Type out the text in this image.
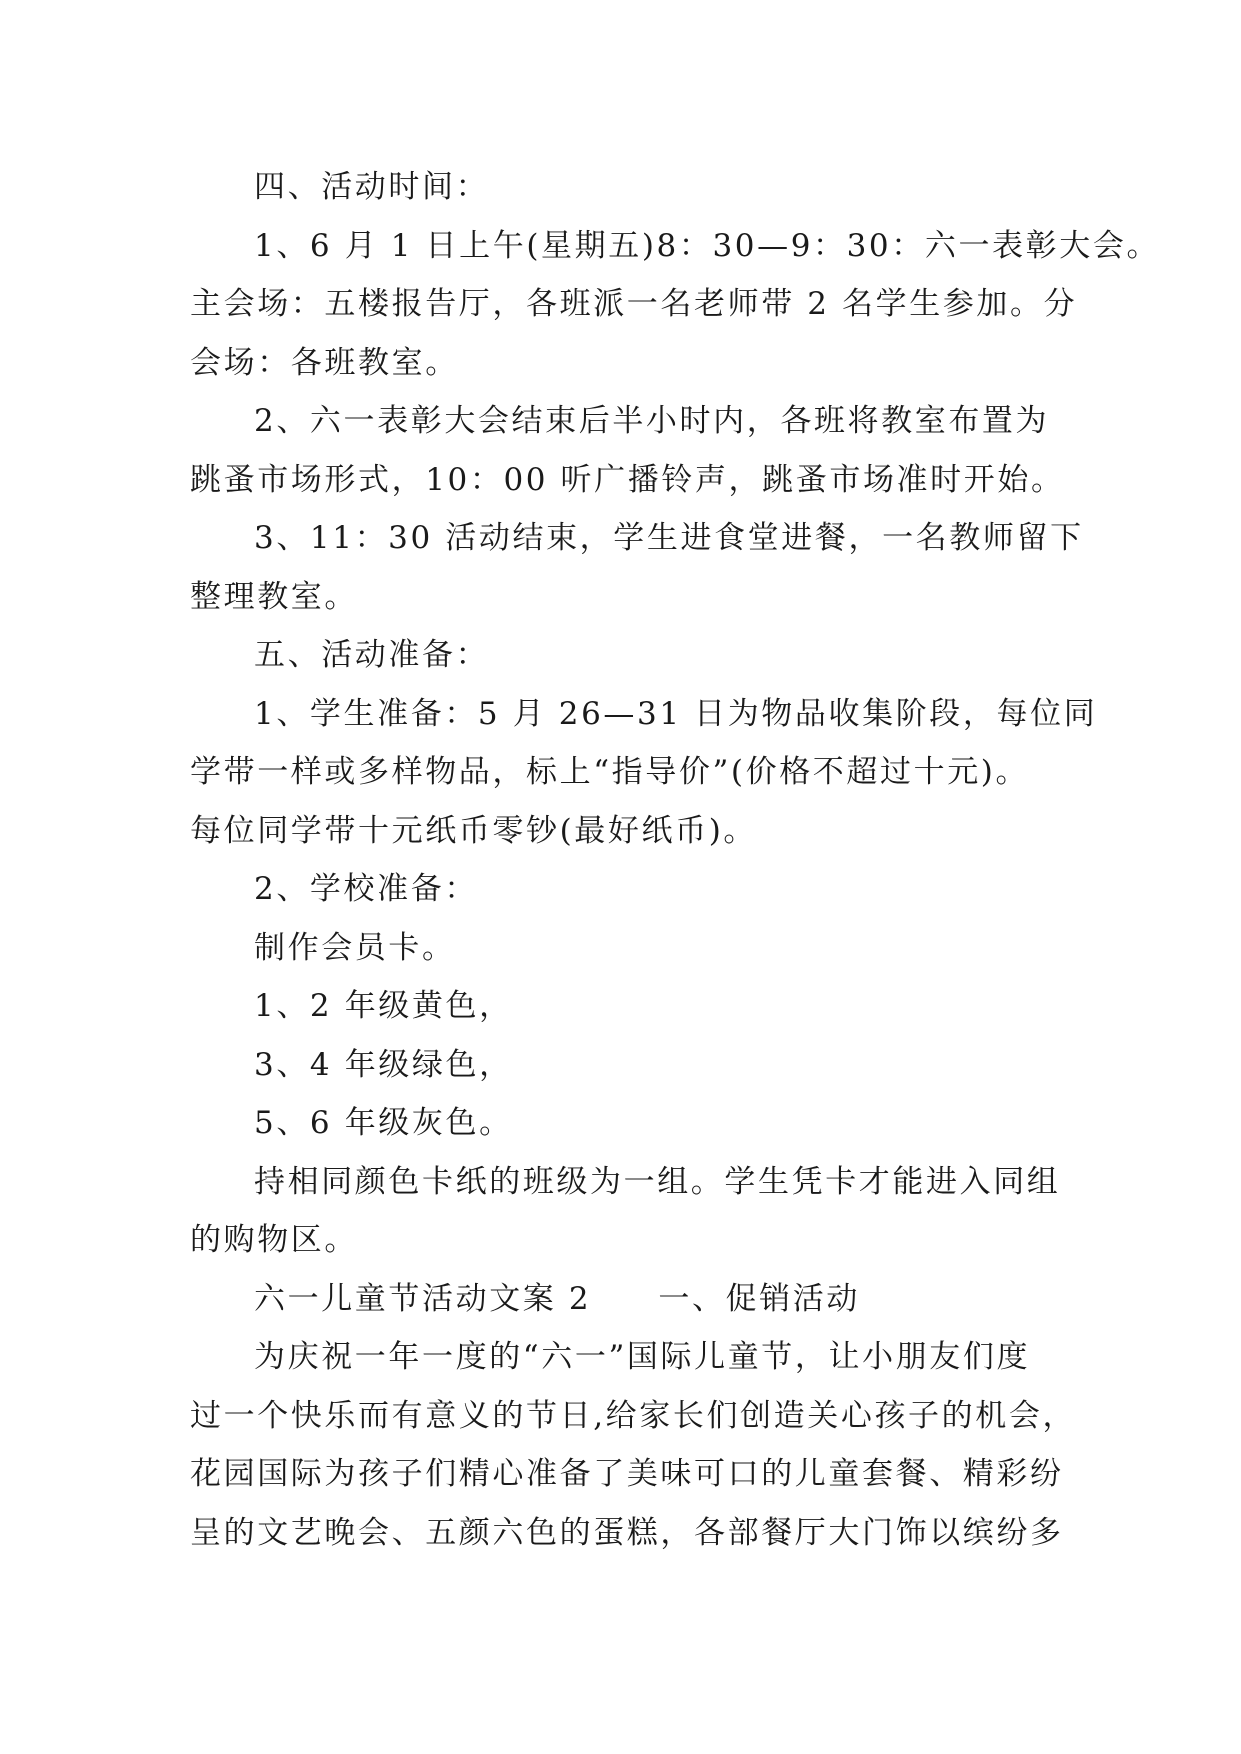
四、活动时间：
1、6 月 1 日上午(星期五)8：30—9：30：六一表彰大会。
主会场：五楼报告厅，各班派一名老师带 2 名学生参加。分
会场：各班教室。
2、六一表彰大会结束后半小时内，各班将教室布置为
跳蚤市场形式，10：00 听广播铃声，跳蚤市场准时开始。
3、11：30 活动结束，学生进食堂进餐，一名教师留下
整理教室。
五、活动准备：
1、学生准备：5 月 26—31 日为物品收集阶段，每位同
学带一样或多样物品，标上“指导价”(价格不超过十元)。
每位同学带十元纸币零钞(最好纸币)。
2、学校准备：
制作会员卡。
1、2 年级黄色，
3、4 年级绿色，
5、6 年级灰色。
持相同颜色卡纸的班级为一组。学生凭卡才能进入同组
的购物区。
六一儿童节活动文案 2　　一、促销活动
为庆祝一年一度的“六一”国际儿童节，让小朋友们度
过一个快乐而有意义的节日,给家长们创造关心孩子的机会，
花园国际为孩子们精心准备了美味可口的儿童套餐、精彩纷
呈的文艺晚会、五颜六色的蛋糕，各部餐厅大门饰以缤纷多
